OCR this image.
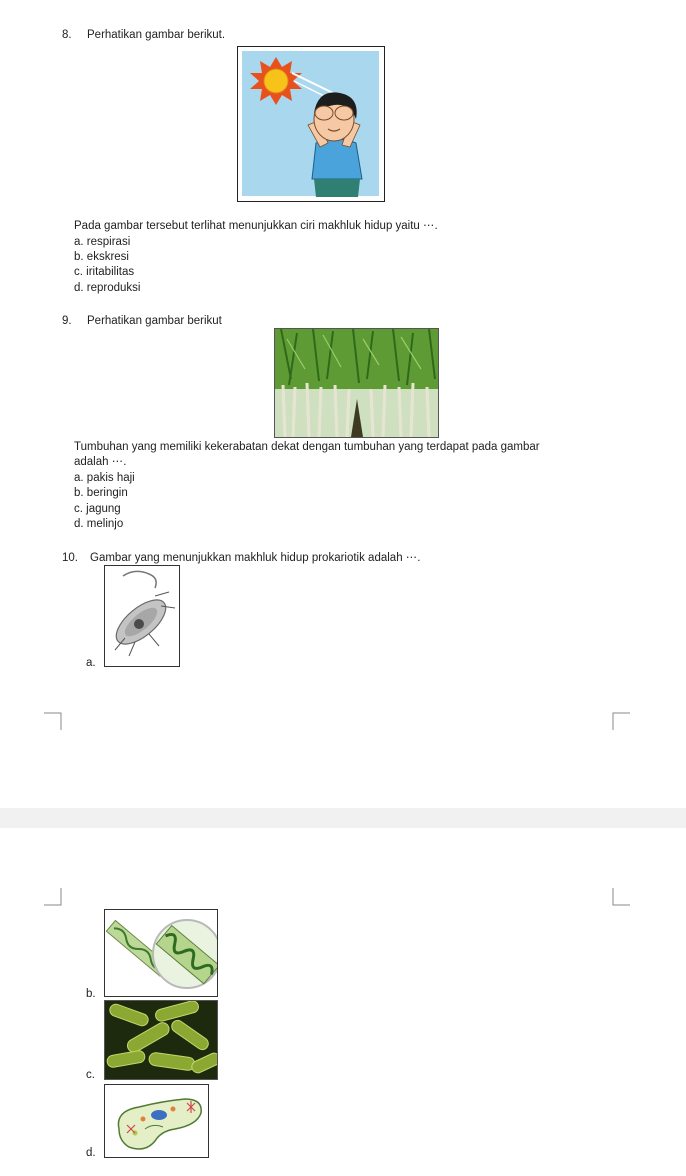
8. Perhatikan gambar berikut.
Pada gambar tersebut terlihat menunjukkan ciri makhluk hidup yaitu ⋯.
a. respirasi
b. ekskresi
c. iritabilitas
d. reproduksi
9. Perhatikan gambar berikut
Tumbuhan yang memiliki kekerabatan dekat dengan tumbuhan yang terdapat pada gambar
adalah ⋯.
a. pakis haji
b. beringin
c. jagung
d. melinjo
10. Gambar yang menunjukkan makhluk hidup prokariotik adalah ⋯.
a.
b.
c.
d.
